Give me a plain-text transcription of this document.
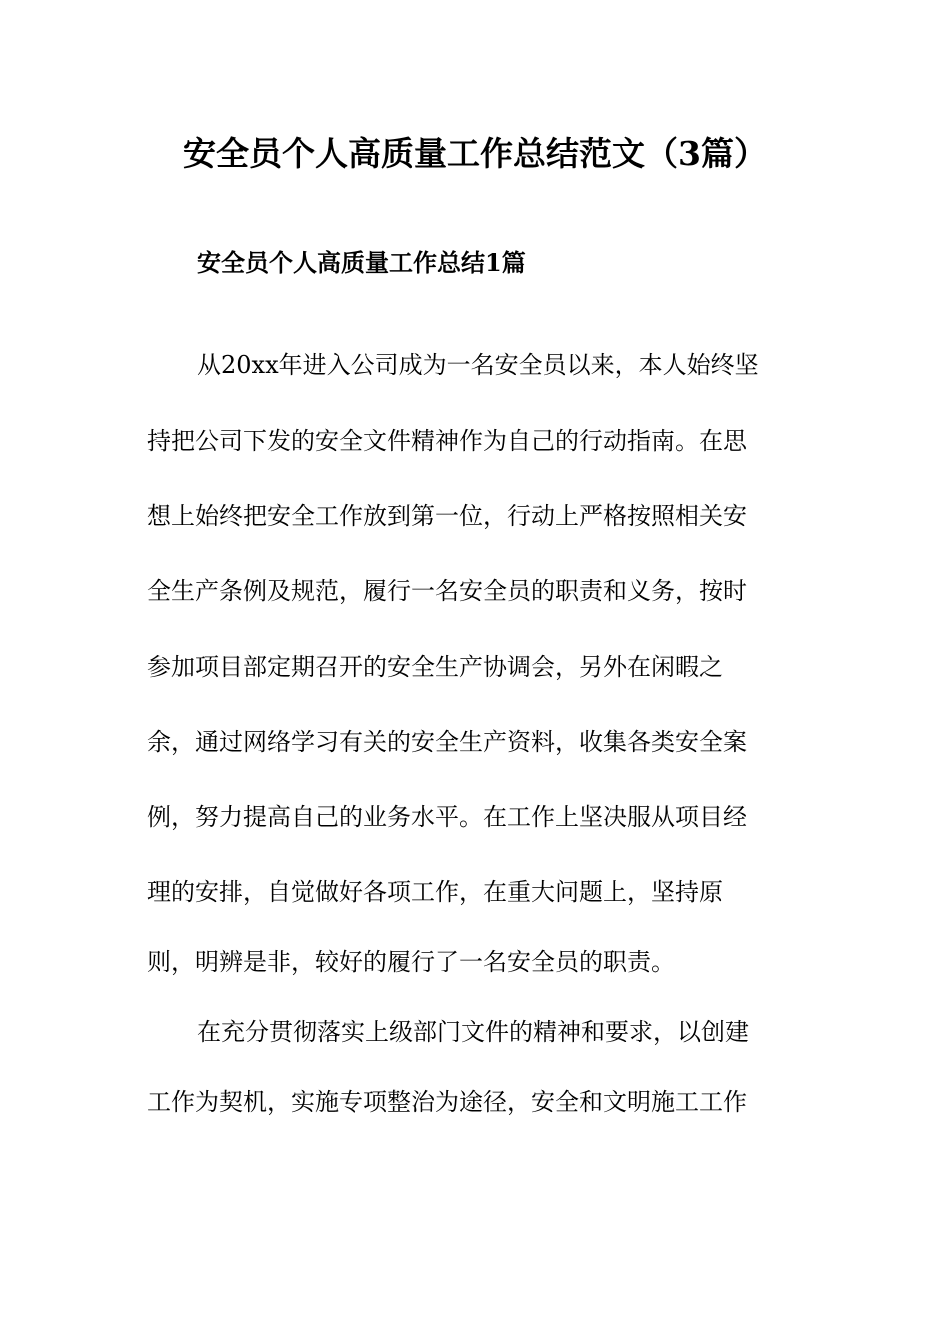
安全员个人高质量工作总结范文（3篇）
安全员个人高质量工作总结1篇
从20xx年进入公司成为一名安全员以来，本人始终坚
持把公司下发的安全文件精神作为自己的行动指南。在思
想上始终把安全工作放到第一位，行动上严格按照相关安
全生产条例及规范，履行一名安全员的职责和义务，按时
参加项目部定期召开的安全生产协调会，另外在闲暇之
余，通过网络学习有关的安全生产资料，收集各类安全案
例，努力提高自己的业务水平。在工作上坚决服从项目经
理的安排，自觉做好各项工作，在重大问题上，坚持原
则，明辨是非，较好的履行了一名安全员的职责。
在充分贯彻落实上级部门文件的精神和要求，以创建
工作为契机，实施专项整治为途径，安全和文明施工工作
